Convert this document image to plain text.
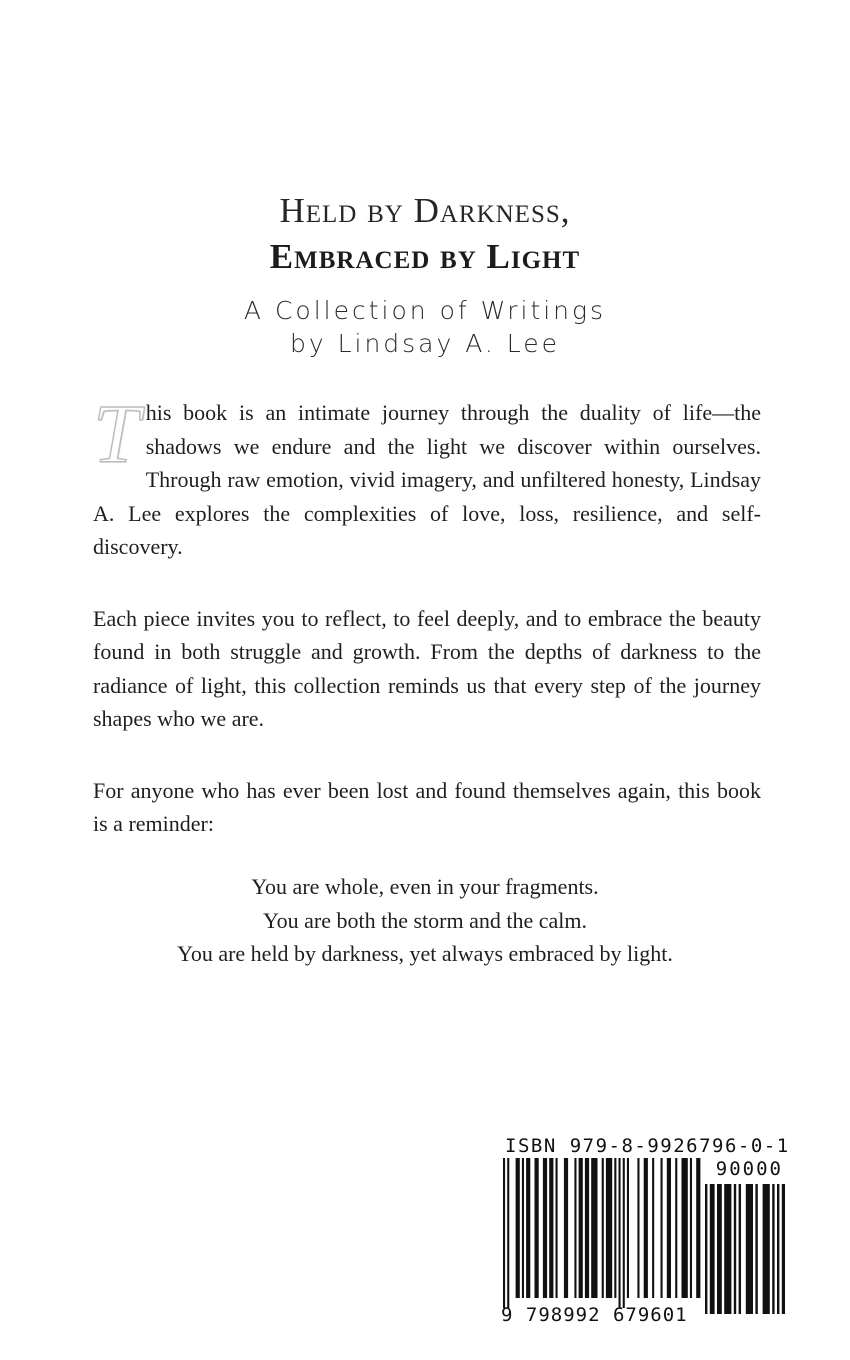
Held by Darkness,
Embraced by Light
A Collection of Writings
by Lindsay A. Lee

This book is an intimate journey through the duality of life—the shadows we endure and the light we discover within ourselves. Through raw emotion, vivid imagery, and unfiltered honesty, Lindsay A. Lee explores the complexities of love, loss, resilience, and self-discovery.

Each piece invites you to reflect, to feel deeply, and to embrace the beauty found in both struggle and growth. From the depths of darkness to the radiance of light, this collection reminds us that every step of the journey shapes who we are.

For anyone who has ever been lost and found themselves again, this book is a reminder:

You are whole, even in your fragments.
You are both the storm and the calm.
You are held by darkness, yet always embraced by light.
ISBN 979-8-9926796-0-1
90000
9 798992 679601
